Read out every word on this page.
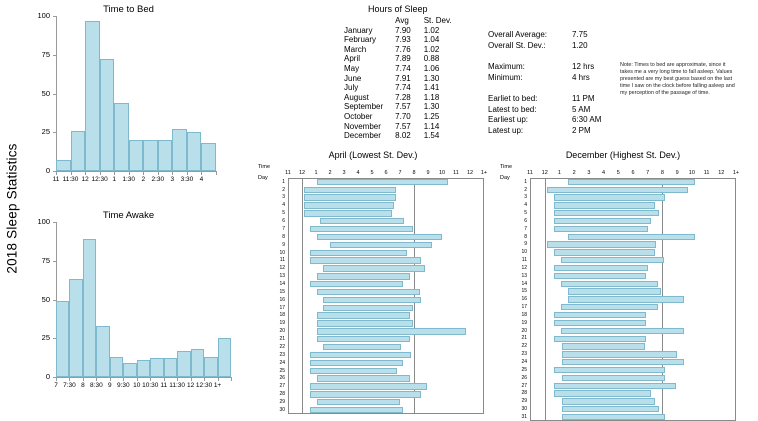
2018 Sleep Statistics
Time to Bed
0
25
50
75
100
11 11:30 12 12:30 1 1:30 2 2:30 3 3:30 4
Time Awake
0
25
50
75
100
7 7:30 8 8:30 9 9:30 10 10:30 11 11:30 12 12:30 1+
Hours of Sleep
	Avg	St. Dev.
January	7.90	1.02
February	7.93	1.04
March	7.76	1.02
April	7.89	0.88
May	7.74	1.06
June	7.91	1.30
July	7.74	1.41
August	7.28	1.18
September	7.57	1.30
October	7.70	1.25
November	7.57	1.14
December	8.02	1.54
Overall Average:	7.75
Overall St. Dev.:	1.20
Maximum:	12 hrs
Minimum:	4 hrs
Earliet to bed:	11 PM
Latest to bed:	5 AM
Earliest up:	6:30 AM
Latest up:	2 PM
Note: Times to bed are approximate, since it takes me a very long time to fall asleep. Values presented are my best guess based on the last time I saw on the clock before falling asleep and my perception of the passage of time.
April (Lowest St. Dev.)
Time
Day
11	12	1	2	3	4	5	6	7	8	9	10	11	12	1+
1
2
3
4
5
6
7
8
9
10
11
12
13
14
15
16
17
18
19
20
21
22
23
24
25
26
27
28
29
30
December (Highest St. Dev.)
Time
Day
11	12	1	2	3	4	5	6	7	8	9	10	11	12	1+
1
2
3
4
5
6
7
8
9
10
11
12
13
14
15
16
17
18
19
20
21
22
23
24
25
26
27
28
29
30
31
